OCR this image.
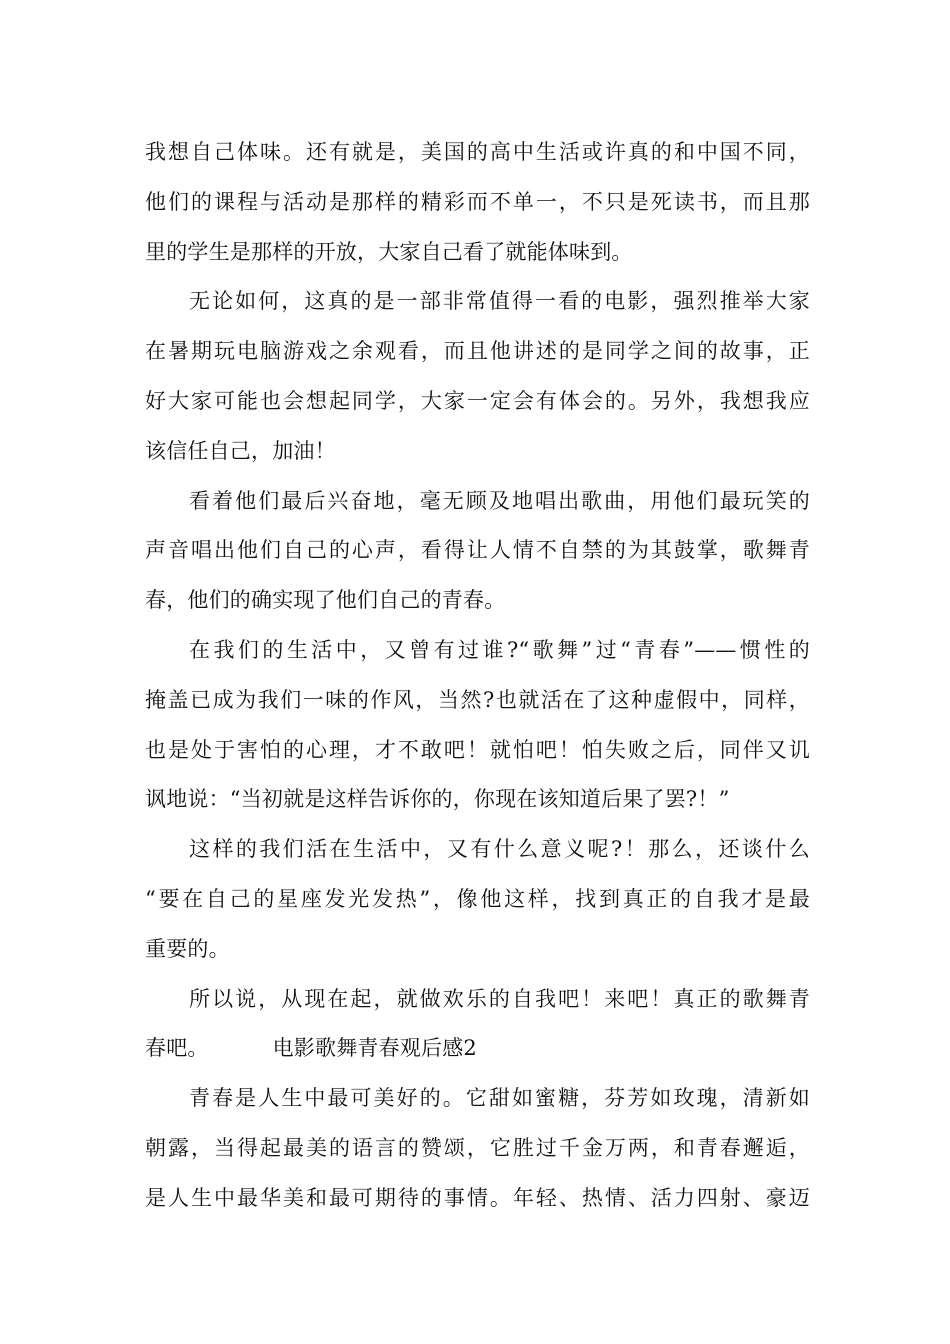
我想自己体味。还有就是，美国的高中生活或许真的和中国不同，
他们的课程与活动是那样的精彩而不单一，不只是死读书，而且那
里的学生是那样的开放，大家自己看了就能体味到。
无论如何，这真的是一部非常值得一看的电影，强烈推举大家
在暑期玩电脑游戏之余观看，而且他讲述的是同学之间的故事，正
好大家可能也会想起同学，大家一定会有体会的。另外，我想我应
该信任自己，加油！
看着他们最后兴奋地，毫无顾及地唱出歌曲，用他们最玩笑的
声音唱出他们自己的心声，看得让人情不自禁的为其鼓掌，歌舞青
春，他们的确实现了他们自己的青春。
在我们的生活中，又曾有过谁?“歌舞”过“青春”——惯性的
掩盖已成为我们一味的作风，当然?也就活在了这种虚假中，同样，
也是处于害怕的心理，才不敢吧！就怕吧！怕失败之后，同伴又讥
讽地说：“当初就是这样告诉你的，你现在该知道后果了罢?！”
这样的我们活在生活中，又有什么意义呢?！那么，还谈什么
“要在自己的星座发光发热”，像他这样，找到真正的自我才是最
重要的。
所以说，从现在起，就做欢乐的自我吧！来吧！真正的歌舞青
春吧。	电影歌舞青春观后感2
青春是人生中最可美好的。它甜如蜜糖，芬芳如玫瑰，清新如
朝露，当得起最美的语言的赞颂，它胜过千金万两，和青春邂逅，
是人生中最华美和最可期待的事情。年轻、热情、活力四射、豪迈
